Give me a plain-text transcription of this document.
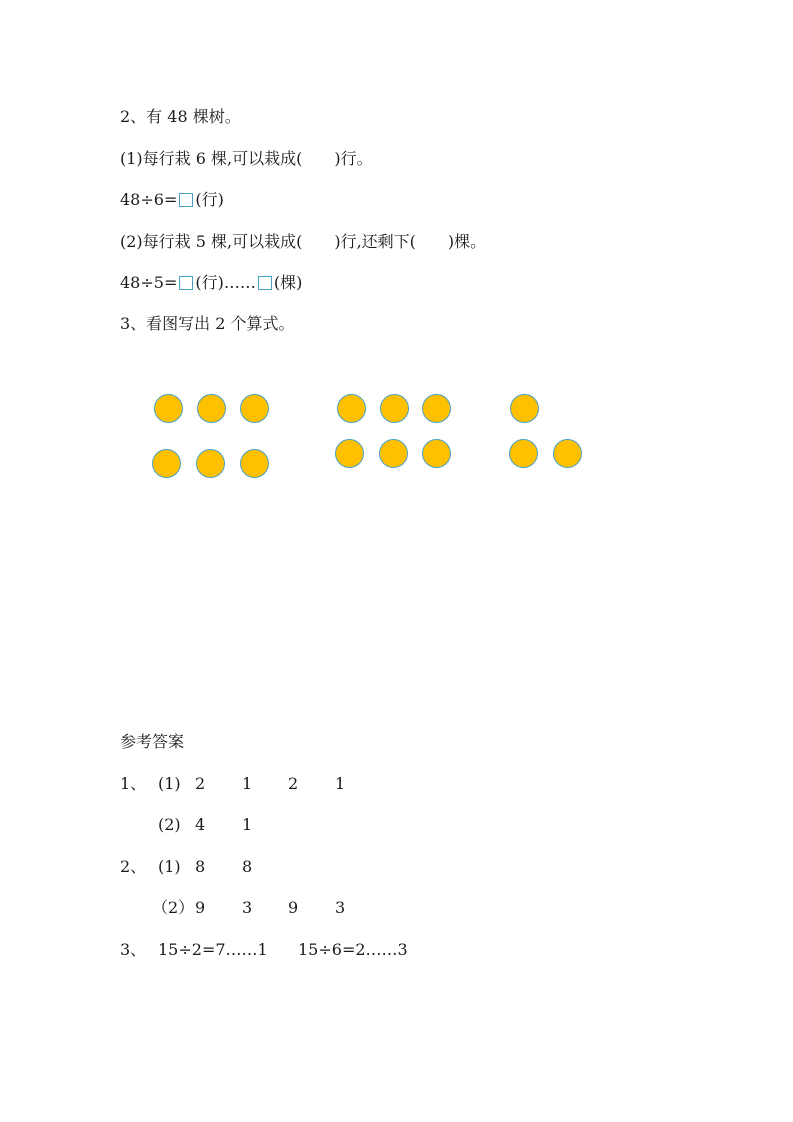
2、有 48 棵树。
(1)每行栽 6 棵,可以栽成(　　)行。
48÷6= (行)
(2)每行栽 5 棵,可以栽成(　　)行,还剩下(　　)棵。
48÷5= (行)…… (棵)
3、看图写出 2 个算式。
参考答案
1、 (1) 2 1 2 1
(2) 4 1
2、 (1) 8 8
（2） 9 3 9 3
3、 15÷2=7……1 15÷6=2……3
